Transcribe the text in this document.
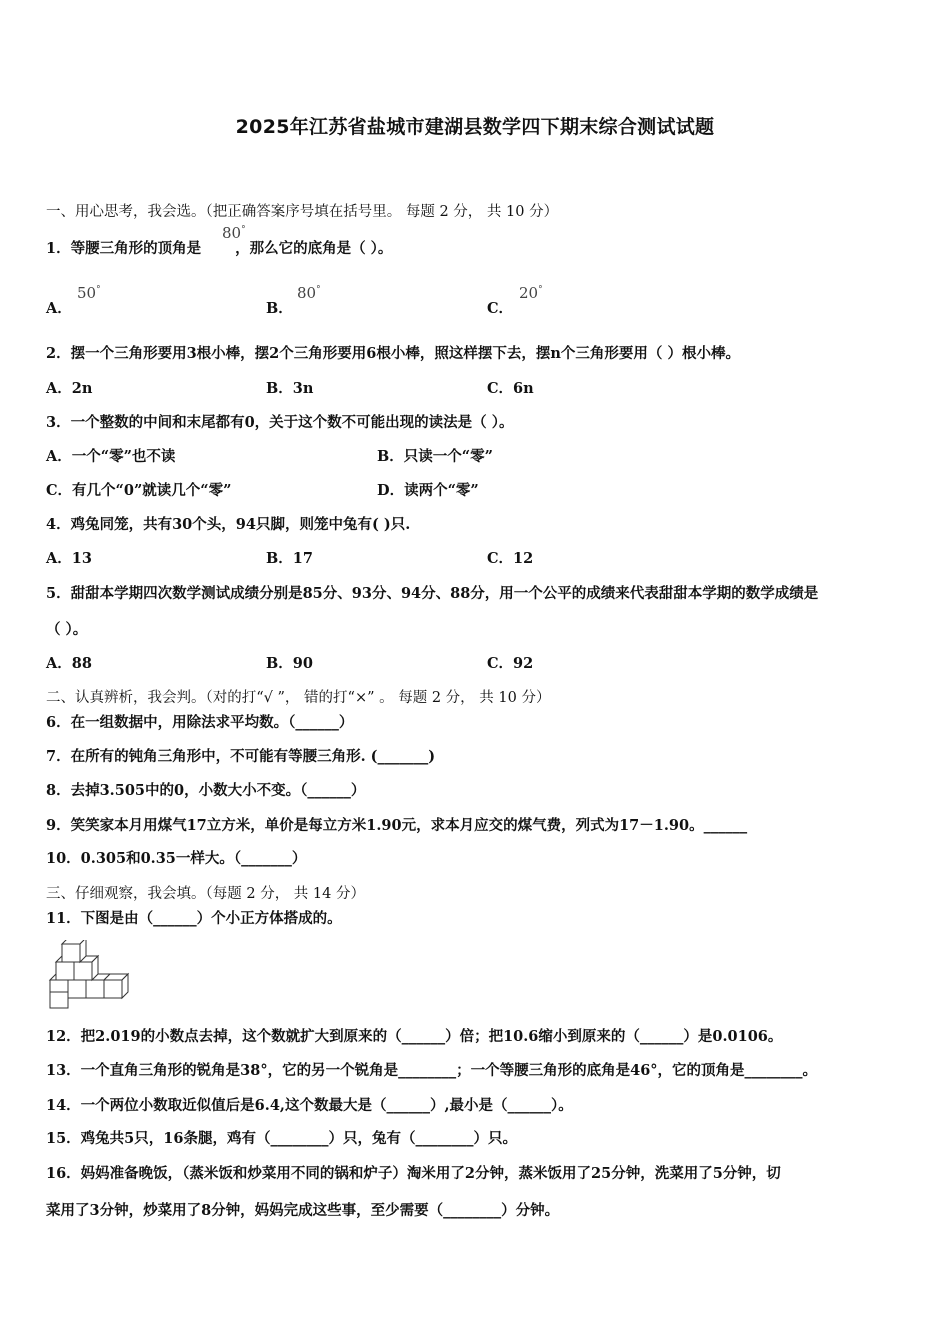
2025年江苏省盐城市建湖县数学四下期末综合测试试题
一、用心思考，我会选。（把正确答案序号填在括号里。 每题 2 分， 共 10 分）
1．等腰三角形的顶角是 ，那么它的底角是（ ）。
80°
A．
50°
B．
80°
C．
20°
2．摆一个三角形要用3根小棒，摆2个三角形要用6根小棒，照这样摆下去，摆n个三角形要用（ ）根小棒。
A．2n	B．3n	C．6n
3．一个整数的中间和末尾都有0，关于这个数不可能出现的读法是（ ）。
A．一个“零”也不读	B．只读一个“零”
C．有几个“0”就读几个“零”	D．读两个“零”
4．鸡兔同笼，共有30个头，94只脚，则笼中兔有( )只.
A．13	B．17	C．12
5．甜甜本学期四次数学测试成绩分别是85分、93分、94分、88分，用一个公平的成绩来代表甜甜本学期的数学成绩是
（ ）。
A．88	B．90	C．92
二、认真辨析，我会判。（对的打“√ ”， 错的打“×” 。 每题 2 分， 共 10 分）
6．在一组数据中，用除法求平均数。（______）
7．在所有的钝角三角形中，不可能有等腰三角形. (_______)
8．去掉3.505中的0，小数大小不变。（______）
9．笑笑家本月用煤气17立方米，单价是每立方米1.90元，求本月应交的煤气费，列式为17－1.90。______
10．0.305和0.35一样大。（_______）
三、仔细观察，我会填。（每题 2 分， 共 14 分）
11．下图是由（______）个小正方体搭成的。
12．把2.019的小数点去掉，这个数就扩大到原来的（______）倍；把10.6缩小到原来的（______）是0.0106。
13．一个直角三角形的锐角是38°，它的另一个锐角是________；一个等腰三角形的底角是46°，它的顶角是________。
14．一个两位小数取近似值后是6.4,这个数最大是（______）,最小是（______）。
15．鸡兔共5只，16条腿，鸡有（________）只，兔有（________）只。
16．妈妈准备晚饭，（蒸米饭和炒菜用不同的锅和炉子）淘米用了2分钟，蒸米饭用了25分钟，洗菜用了5分钟，切
菜用了3分钟，炒菜用了8分钟，妈妈完成这些事，至少需要（________）分钟。
